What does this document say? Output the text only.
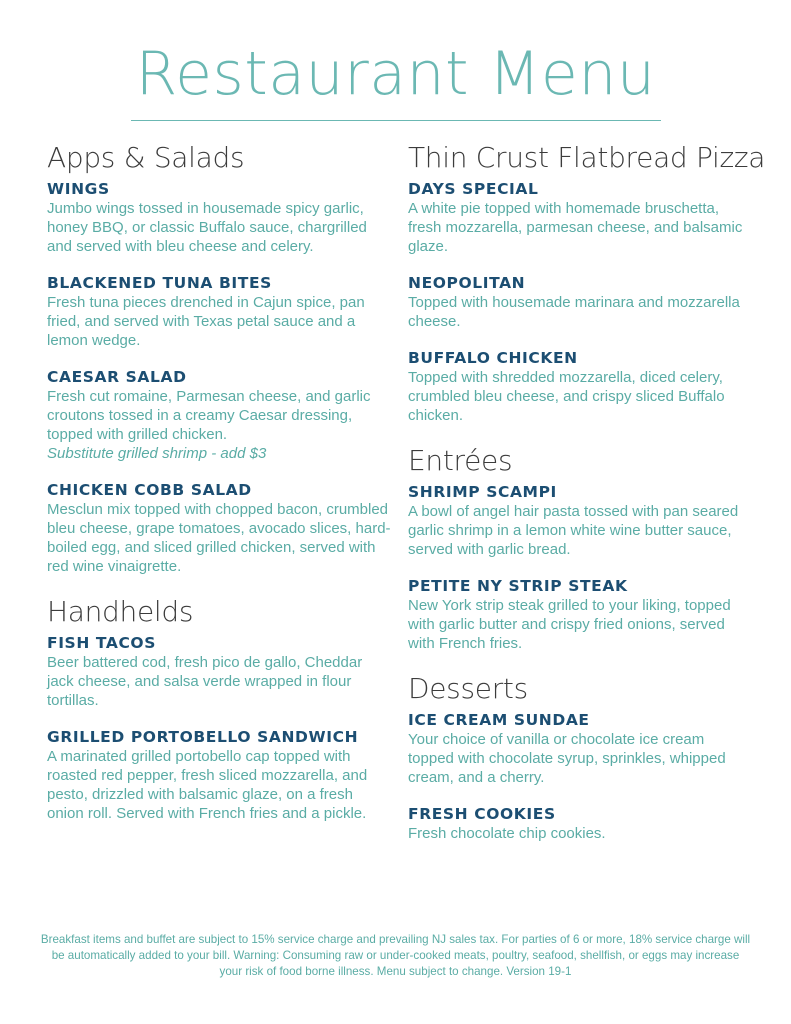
Restaurant Menu
Apps & Salads
WINGS
Jumbo wings tossed in housemade spicy garlic, honey BBQ, or classic Buffalo sauce, chargrilled and served with bleu cheese and celery.
BLACKENED TUNA BITES
Fresh tuna pieces drenched in Cajun spice, pan fried, and served with Texas petal sauce and a lemon wedge.
CAESAR SALAD
Fresh cut romaine, Parmesan cheese, and garlic croutons tossed in a creamy Caesar dressing, topped with grilled chicken.
Substitute grilled shrimp - add $3
CHICKEN COBB SALAD
Mesclun mix topped with chopped bacon, crumbled bleu cheese, grape tomatoes, avocado slices, hard-boiled egg, and sliced grilled chicken, served with red wine vinaigrette.
Handhelds
FISH TACOS
Beer battered cod, fresh pico de gallo, Cheddar jack cheese, and salsa verde wrapped in flour tortillas.
GRILLED PORTOBELLO SANDWICH
A marinated grilled portobello cap topped with roasted red pepper, fresh sliced mozzarella, and pesto, drizzled with balsamic glaze, on a fresh onion roll. Served with French fries and a pickle.
Thin Crust Flatbread Pizza
DAYS SPECIAL
A white pie topped with homemade bruschetta, fresh mozzarella, parmesan cheese, and balsamic glaze.
NEOPOLITAN
Topped with housemade marinara and mozzarella cheese.
BUFFALO CHICKEN
Topped with shredded mozzarella, diced celery, crumbled bleu cheese, and crispy sliced Buffalo chicken.
Entrées
SHRIMP SCAMPI
A bowl of angel hair pasta tossed with pan seared garlic shrimp in a lemon white wine butter sauce, served with garlic bread.
PETITE NY STRIP STEAK
New York strip steak grilled to your liking, topped with garlic butter and crispy fried onions, served with French fries.
Desserts
ICE CREAM SUNDAE
Your choice of vanilla or chocolate ice cream topped with chocolate syrup, sprinkles, whipped cream, and a cherry.
FRESH COOKIES
Fresh chocolate chip cookies.
Breakfast items and buffet are subject to 15% service charge and prevailing NJ sales tax. For parties of 6 or more, 18% service charge will be automatically added to your bill. Warning: Consuming raw or under-cooked meats, poultry, seafood, shellfish, or eggs may increase your risk of food borne illness. Menu subject to change. Version 19-1
